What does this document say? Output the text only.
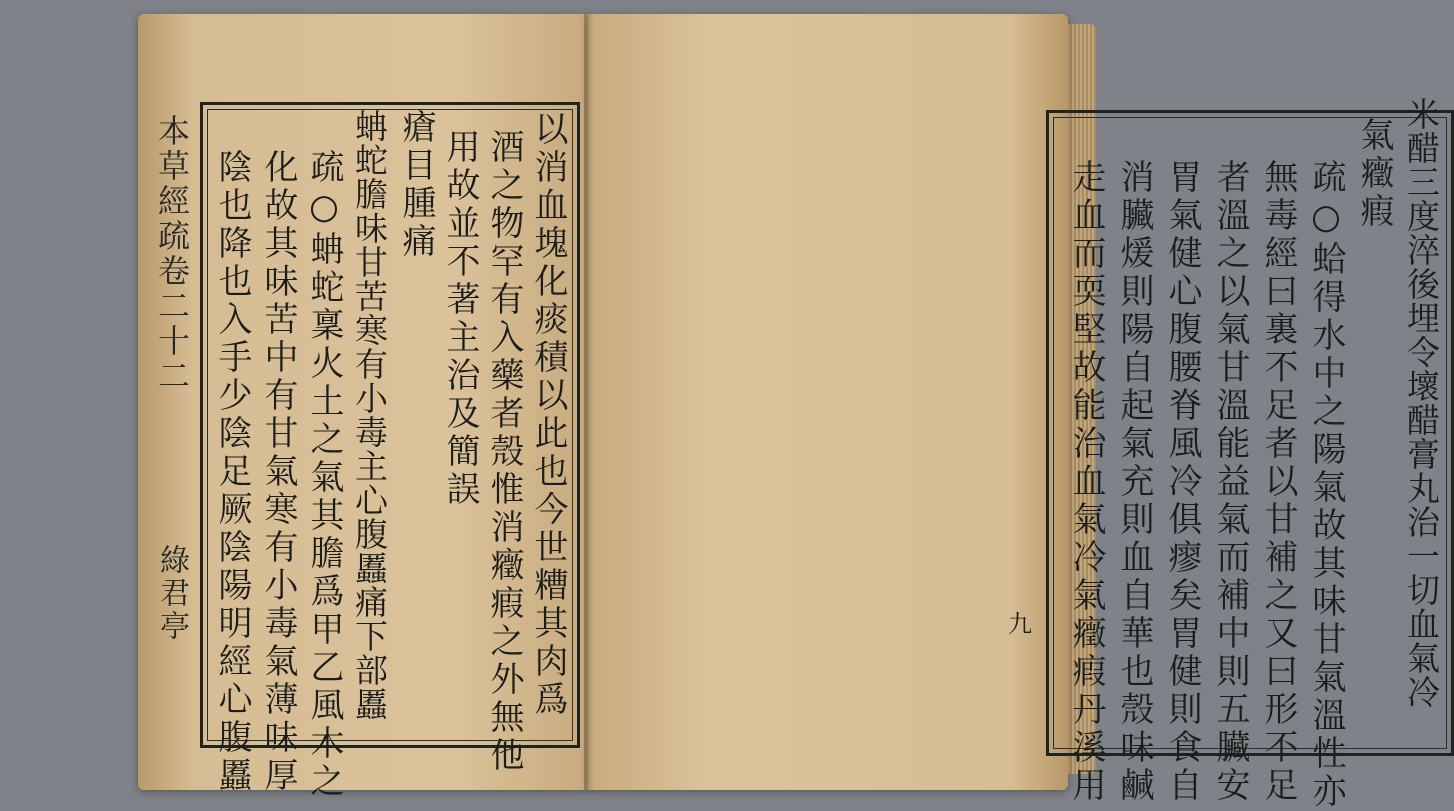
本草經疏卷二十二
綠君亭	以消血塊化痰積以此也今世糟其肉爲
酒之物罕有入藥者殼惟消癥瘕之外無他
用故並不著主治及簡誤
瘡目腫痛
蚺蛇膽味甘苦寒有小毒主心腹䘌痛下部䘌
疏○蚺蛇稟火土之氣其膽爲甲乙風木之
化故其味苦中有甘氣寒有小毒氣薄味厚
陰也降也入手少陰足厥陰陽明經心腹䘌	米醋三度淬後埋令壞醋膏丸治一切血氣冷
氣癥瘕
疏○蛤得水中之陽氣故其味甘氣溫性亦
無毒經曰裏不足者以甘補之又曰形不足
者溫之以氣甘溫能益氣而補中則五臟安
胃氣健心腹腰脊風冷俱瘳矣胃健則食自
消臟煖則陽自起氣充則血自華也殼味鹹
走血而耎堅故能治血氣冷氣癥瘕丹溪用
九
